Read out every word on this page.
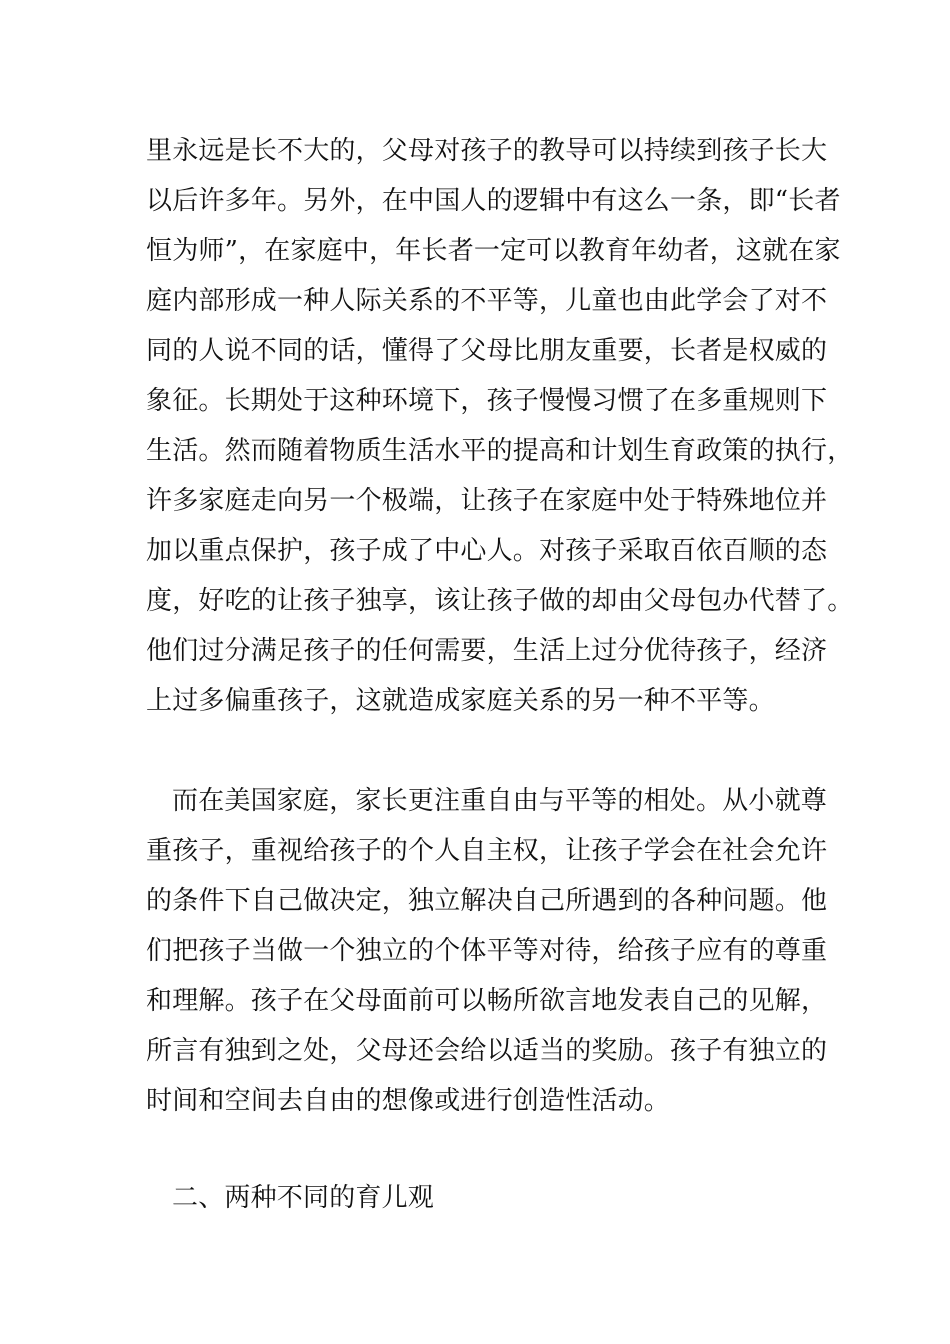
里永远是长不大的，父母对孩子的教导可以持续到孩子长大
以后许多年。另外，在中国人的逻辑中有这么一条，即“长者
恒为师”，在家庭中，年长者一定可以教育年幼者，这就在家
庭内部形成一种人际关系的不平等，儿童也由此学会了对不
同的人说不同的话，懂得了父母比朋友重要，长者是权威的
象征。长期处于这种环境下，孩子慢慢习惯了在多重规则下
生活。然而随着物质生活水平的提高和计划生育政策的执行，
许多家庭走向另一个极端，让孩子在家庭中处于特殊地位并
加以重点保护，孩子成了中心人。对孩子采取百依百顺的态
度，好吃的让孩子独享，该让孩子做的却由父母包办代替了。
他们过分满足孩子的任何需要，生活上过分优待孩子，经济
上过多偏重孩子，这就造成家庭关系的另一种不平等。
而在美国家庭，家长更注重自由与平等的相处。从小就尊
重孩子，重视给孩子的个人自主权，让孩子学会在社会允许
的条件下自己做决定，独立解决自己所遇到的各种问题。他
们把孩子当做一个独立的个体平等对待，给孩子应有的尊重
和理解。孩子在父母面前可以畅所欲言地发表自己的见解，
所言有独到之处，父母还会给以适当的奖励。孩子有独立的
时间和空间去自由的想像或进行创造性活动。
二、两种不同的育儿观
